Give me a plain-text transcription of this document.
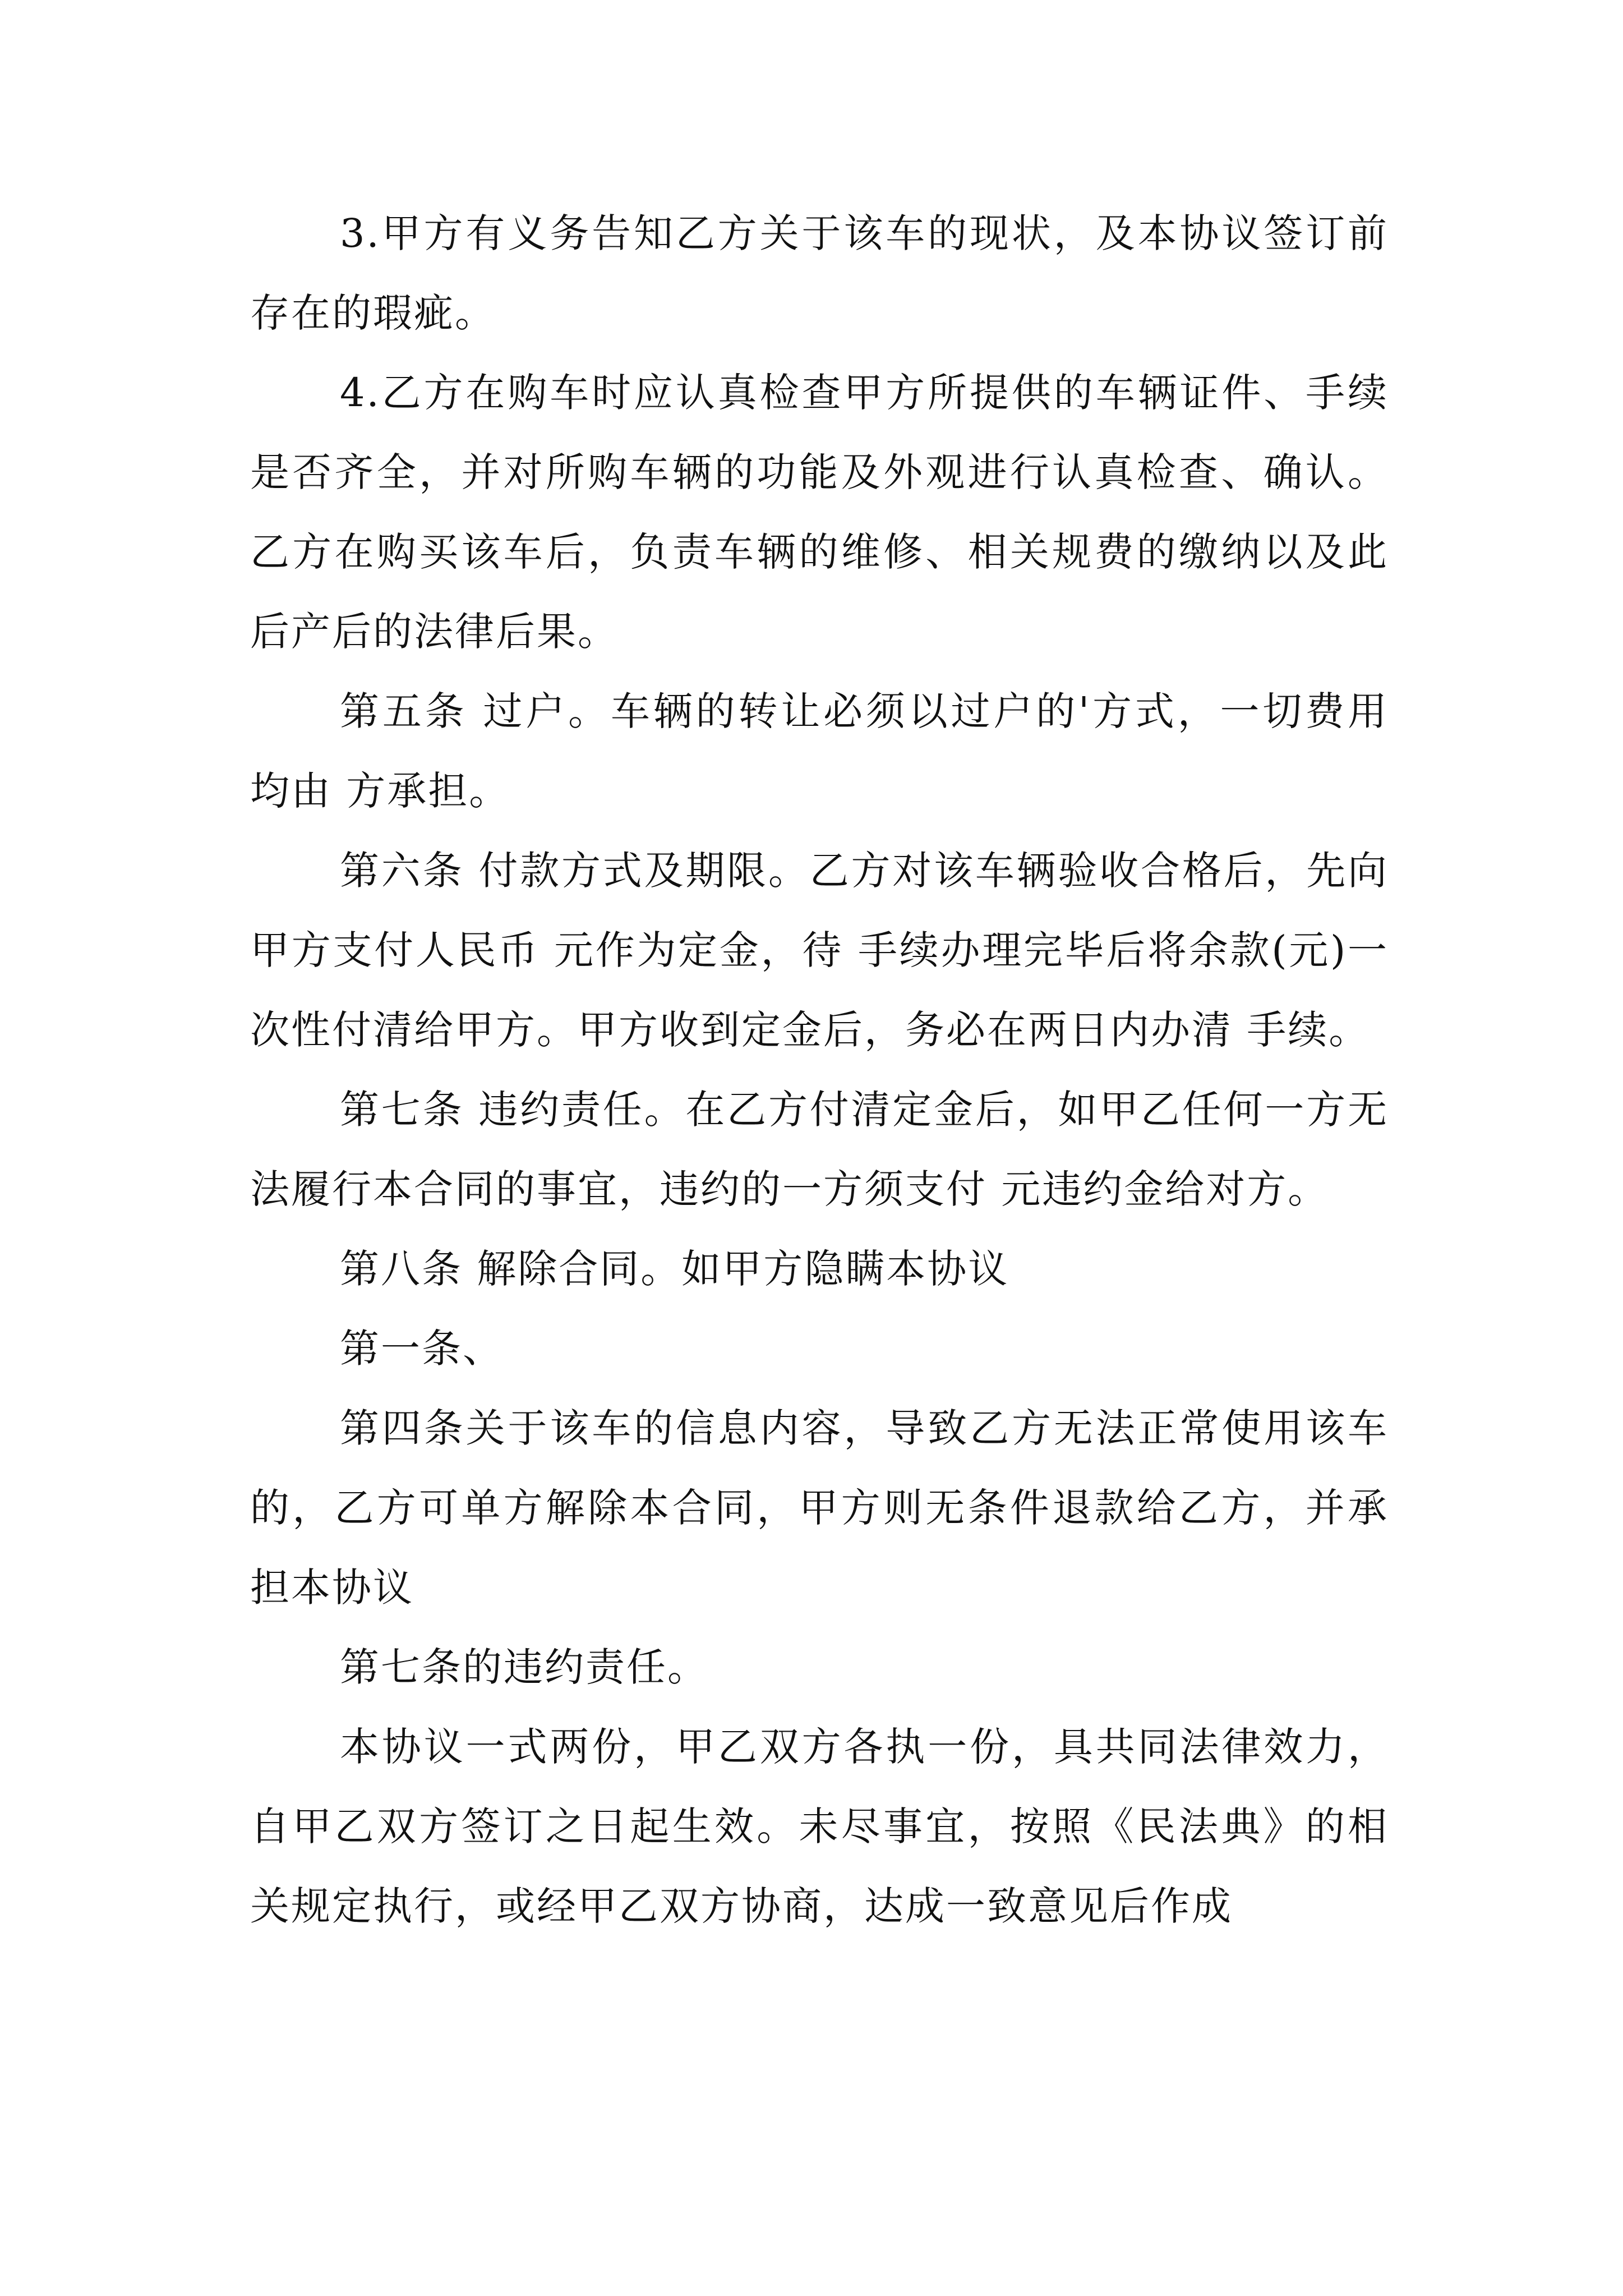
3.甲方有义务告知乙方关于该车的现状，及本协议签订前存在的瑕疵。

4.乙方在购车时应认真检查甲方所提供的车辆证件、手续是否齐全，并对所购车辆的功能及外观进行认真检查、确认。乙方在购买该车后，负责车辆的维修、相关规费的缴纳以及此后产后的法律后果。

第五条 过户。车辆的转让必须以过户的'方式，一切费用均由 方承担。

第六条 付款方式及期限。乙方对该车辆验收合格后，先向甲方支付人民币 元作为定金，待 手续办理完毕后将余款(元)一次性付清给甲方。甲方收到定金后，务必在两日内办清 手续。

第七条 违约责任。在乙方付清定金后，如甲乙任何一方无法履行本合同的事宜，违约的一方须支付 元违约金给对方。

第八条 解除合同。如甲方隐瞒本协议

第一条、

第四条关于该车的信息内容，导致乙方无法正常使用该车的，乙方可单方解除本合同，甲方则无条件退款给乙方，并承担本协议

第七条的违约责任。

本协议一式两份，甲乙双方各执一份，具共同法律效力，自甲乙双方签订之日起生效。未尽事宜，按照《民法典》的相关规定执行，或经甲乙双方协商，达成一致意见后作成
